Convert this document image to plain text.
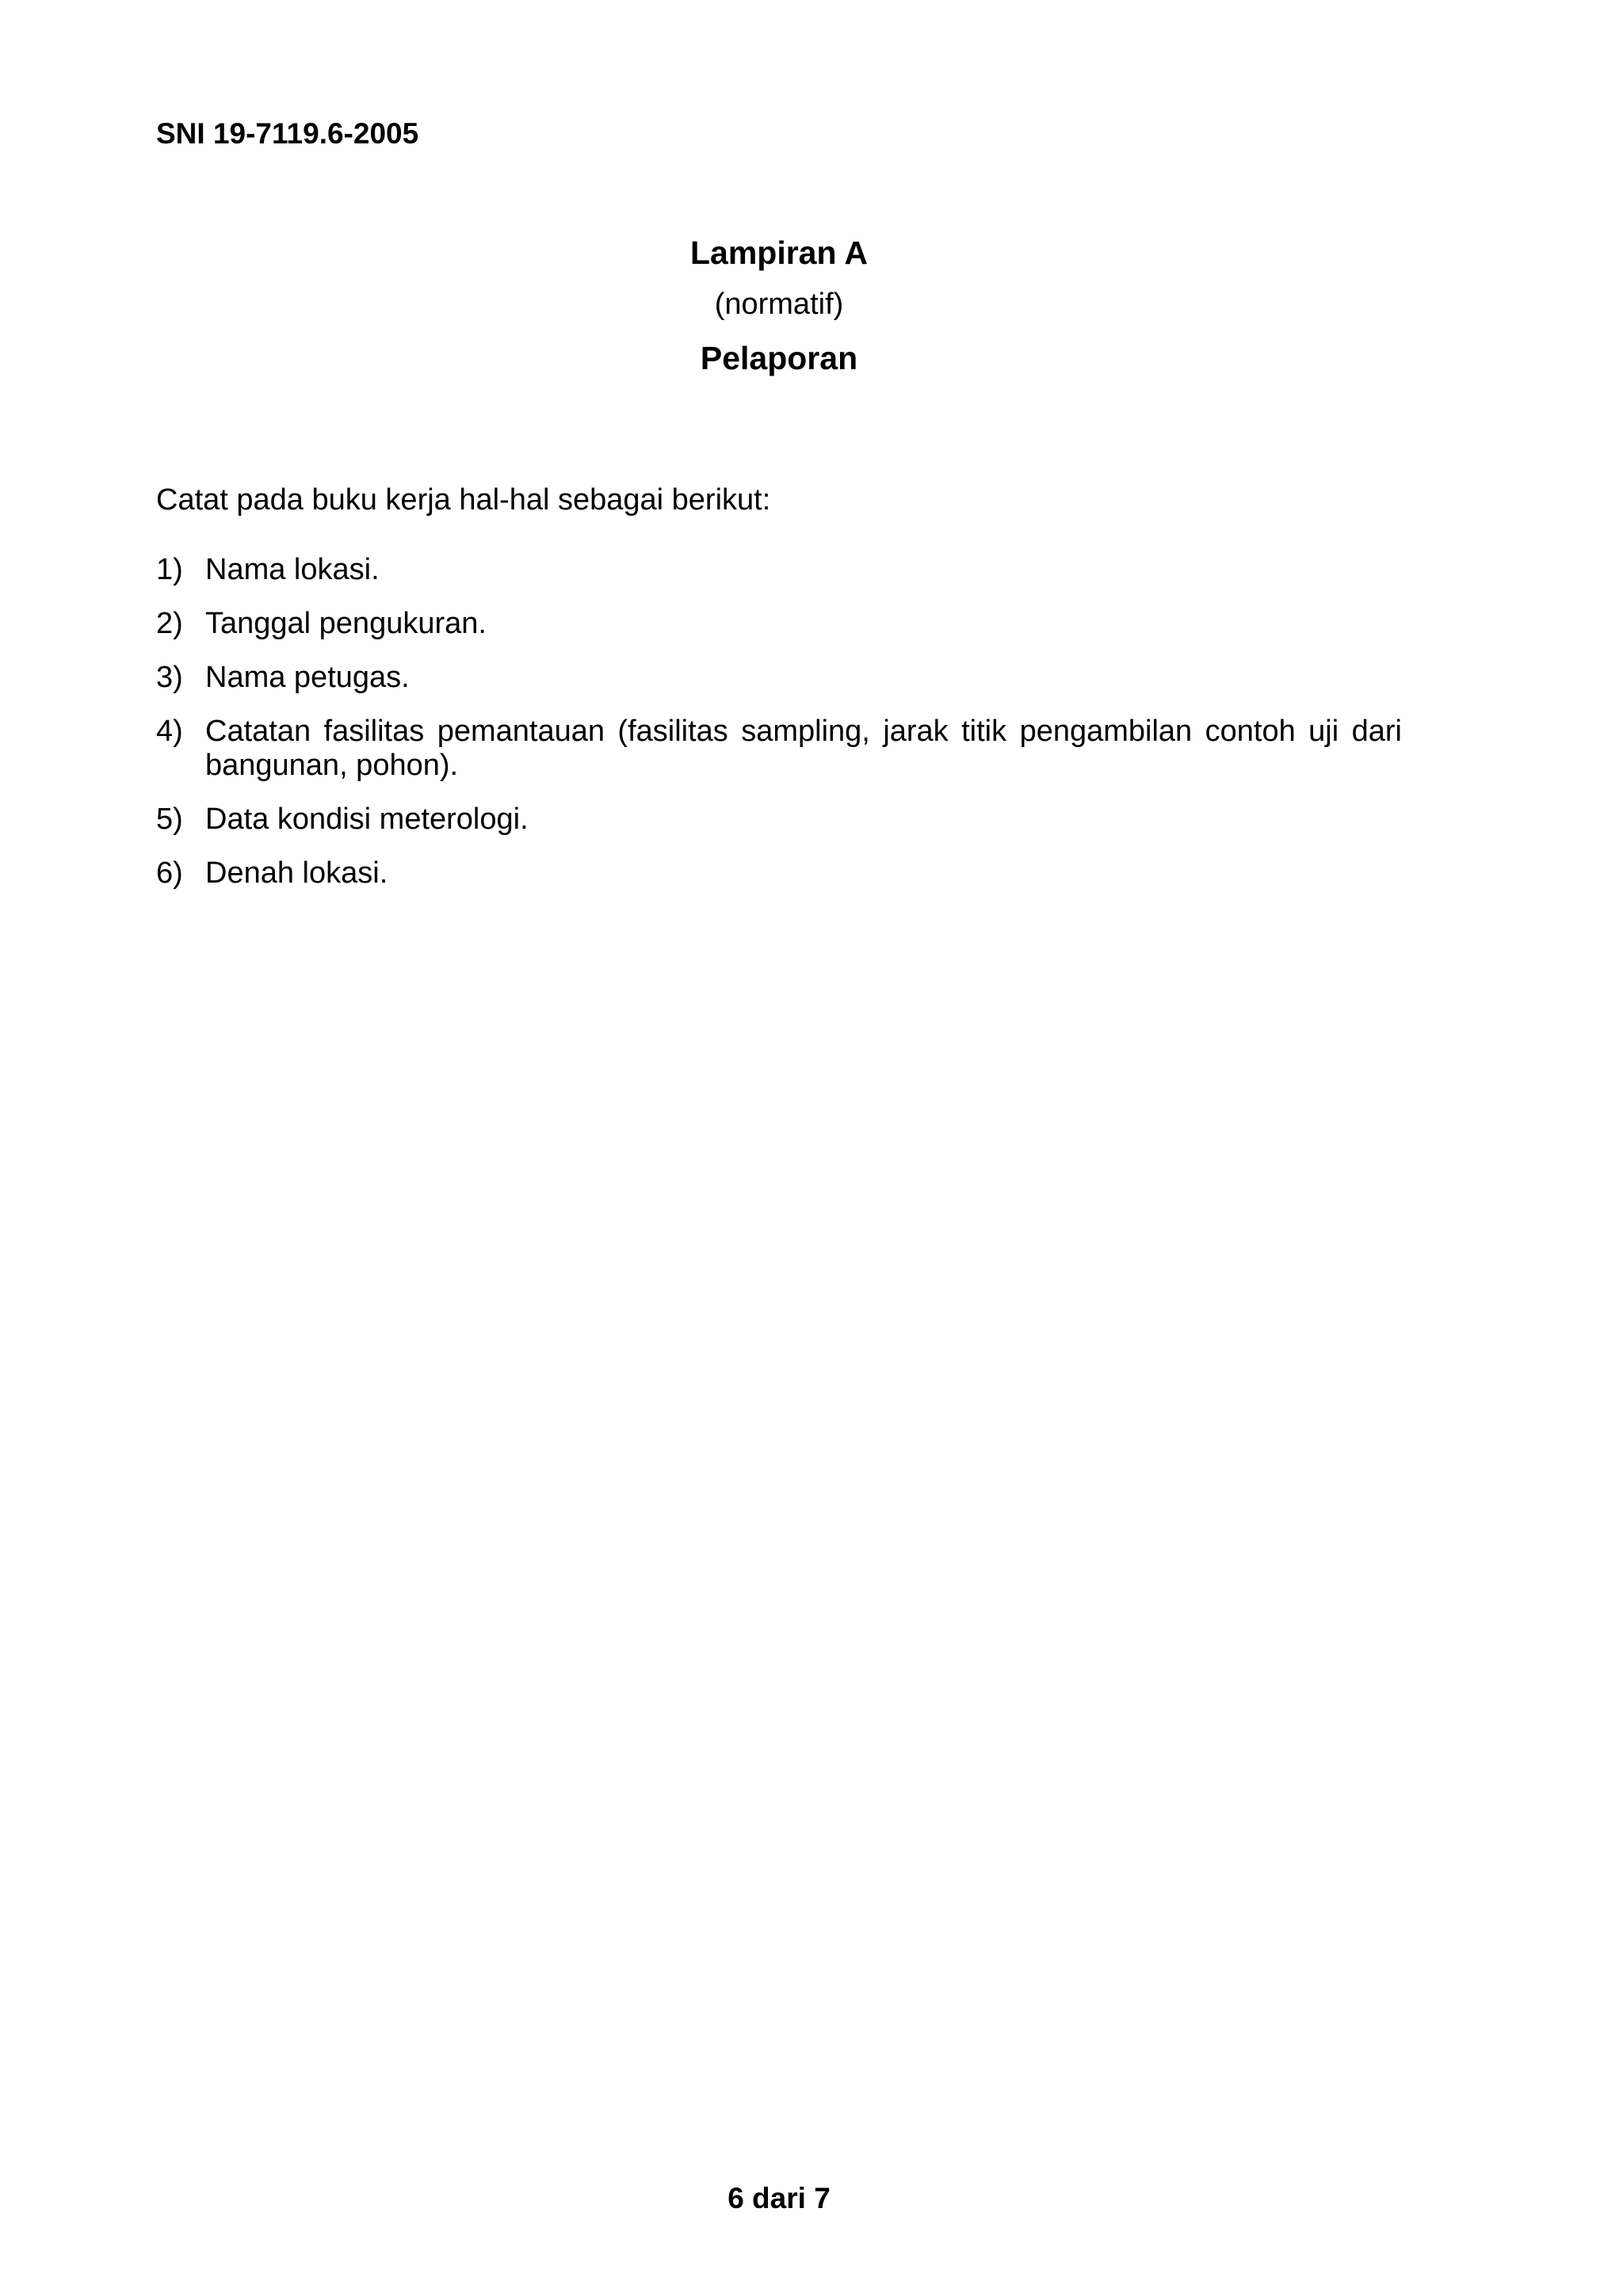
SNI 19-7119.6-2005
Lampiran A
(normatif)
Pelaporan
Catat pada buku kerja hal-hal sebagai berikut:
1) Nama lokasi.
2) Tanggal pengukuran.
3) Nama petugas.
4) Catatan fasilitas pemantauan (fasilitas sampling, jarak titik pengambilan contoh uji dari bangunan, pohon).
5) Data kondisi meterologi.
6) Denah lokasi.
6 dari 7
